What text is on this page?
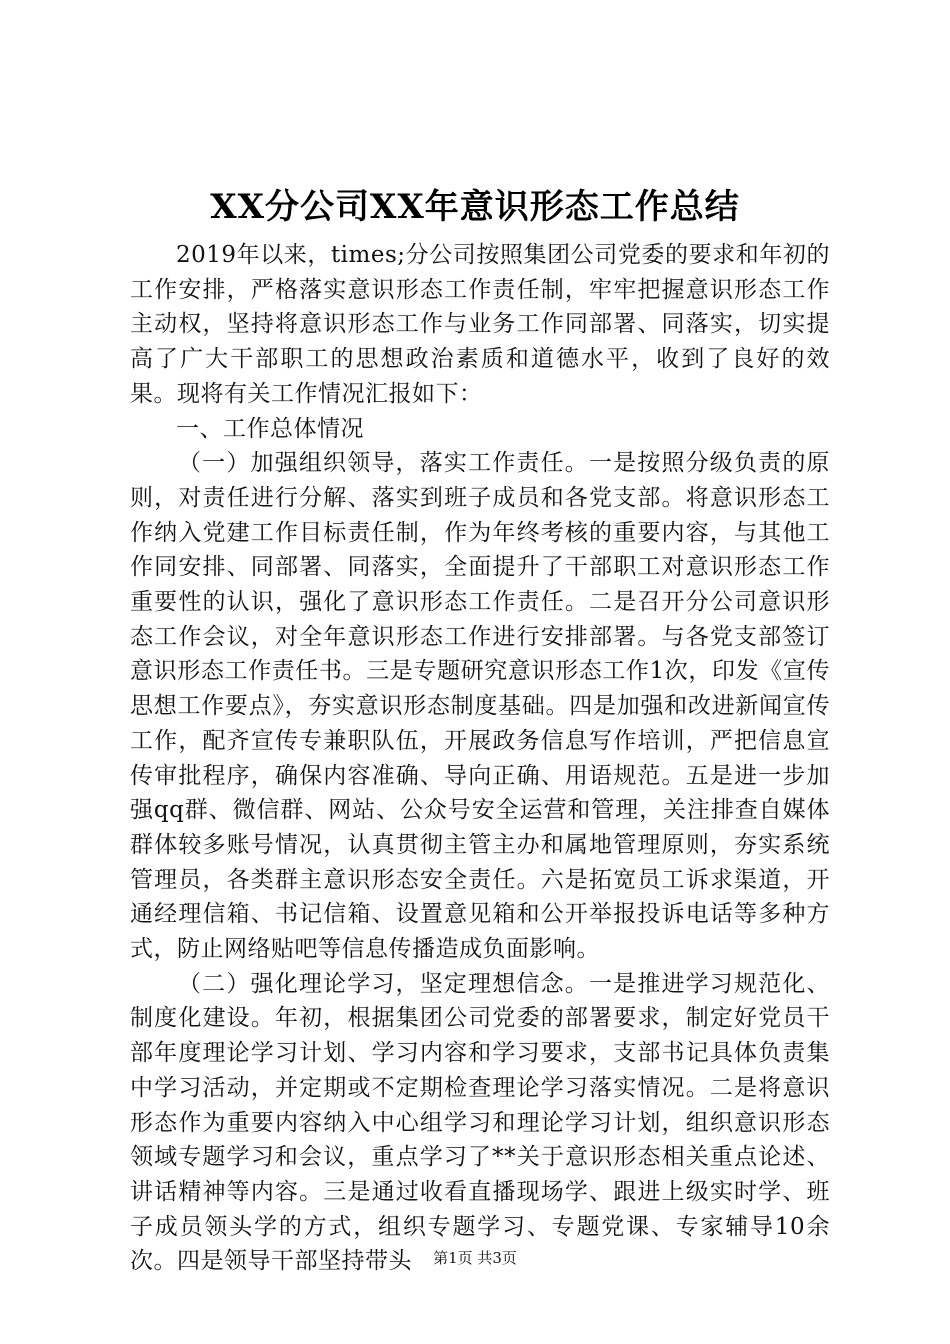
XX分公司XX年意识形态工作总结

2019年以来，times;分公司按照集团公司党委的要求和年初的工作安排，严格落实意识形态工作责任制，牢牢把握意识形态工作主动权，坚持将意识形态工作与业务工作同部署、同落实，切实提高了广大干部职工的思想政治素质和道德水平，收到了良好的效果。现将有关工作情况汇报如下：

一、工作总体情况

（一）加强组织领导，落实工作责任。一是按照分级负责的原则，对责任进行分解、落实到班子成员和各党支部。将意识形态工作纳入党建工作目标责任制，作为年终考核的重要内容，与其他工作同安排、同部署、同落实，全面提升了干部职工对意识形态工作重要性的认识，强化了意识形态工作责任。二是召开分公司意识形态工作会议，对全年意识形态工作进行安排部署。与各党支部签订意识形态工作责任书。三是专题研究意识形态工作1次，印发《宣传思想工作要点》，夯实意识形态制度基础。四是加强和改进新闻宣传工作，配齐宣传专兼职队伍，开展政务信息写作培训，严把信息宣传审批程序，确保内容准确、导向正确、用语规范。五是进一步加强qq群、微信群、网站、公众号安全运营和管理，关注排查自媒体群体较多账号情况，认真贯彻主管主办和属地管理原则，夯实系统管理员，各类群主意识形态安全责任。六是拓宽员工诉求渠道，开通经理信箱、书记信箱、设置意见箱和公开举报投诉电话等多种方式，防止网络贴吧等信息传播造成负面影响。

（二）强化理论学习，坚定理想信念。一是推进学习规范化、制度化建设。年初，根据集团公司党委的部署要求，制定好党员干部年度理论学习计划、学习内容和学习要求，支部书记具体负责集中学习活动，并定期或不定期检查理论学习落实情况。二是将意识形态作为重要内容纳入中心组学习和理论学习计划，组织意识形态领域专题学习和会议，重点学习了**关于意识形态相关重点论述、讲话精神等内容。三是通过收看直播现场学、跟进上级实时学、班子成员领头学的方式，组织专题学习、专题党课、专家辅导10余次。四是领导干部坚持带头	第1页 共3页
